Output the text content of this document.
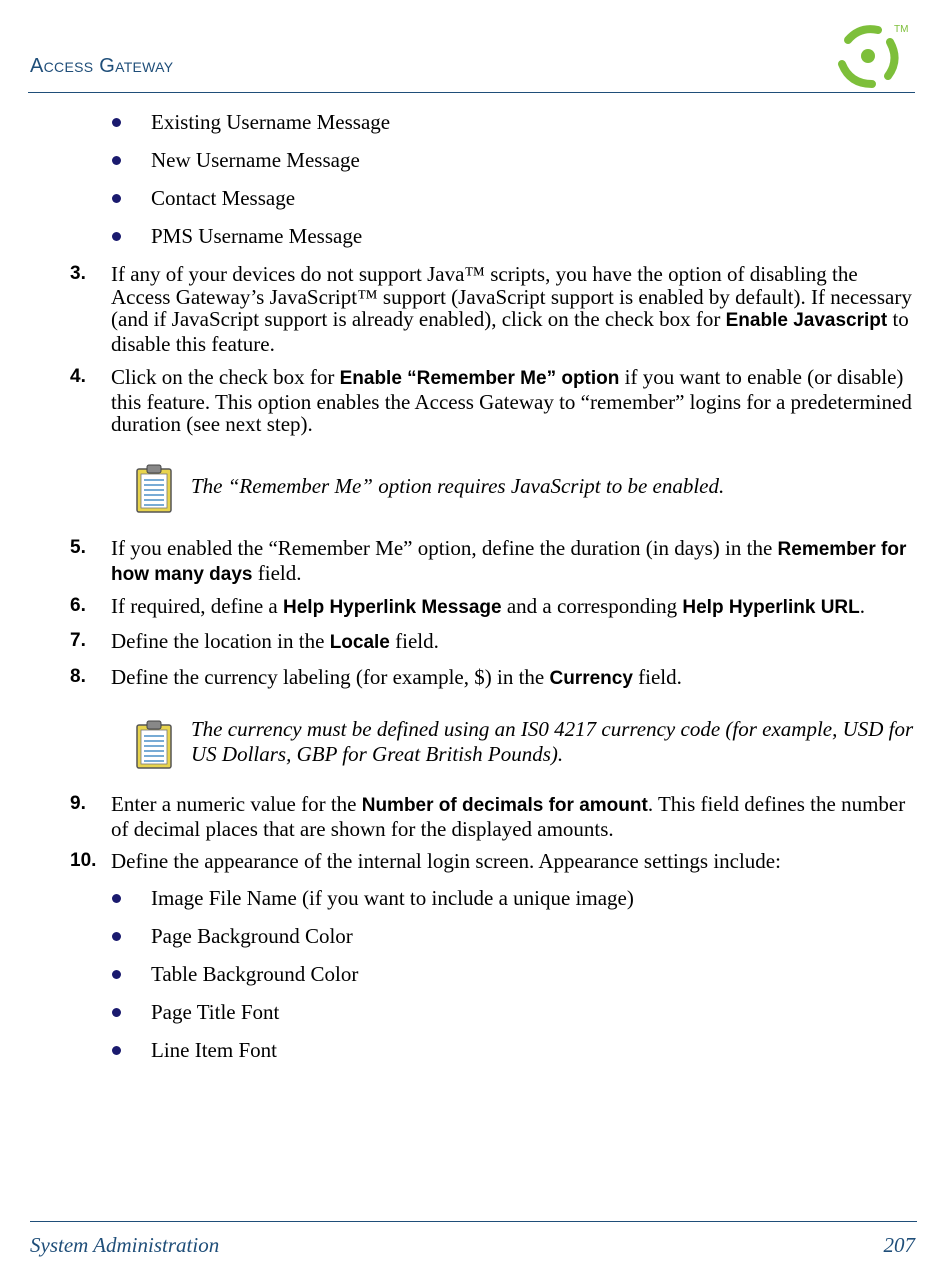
Access Gateway
TM
Existing Username Message
New Username Message
Contact Message
PMS Username Message
3. If any of your devices do not support Java™ scripts, you have the option of disabling the Access Gateway’s JavaScript™ support (JavaScript support is enabled by default). If necessary (and if JavaScript support is already enabled), click on the check box for Enable Javascript to disable this feature.
4. Click on the check box for Enable “Remember Me” option if you want to enable (or disable) this feature. This option enables the Access Gateway to “remember” logins for a predetermined duration (see next step).
The “Remember Me” option requires JavaScript to be enabled.
5. If you enabled the “Remember Me” option, define the duration (in days) in the Remember for how many days field.
6. If required, define a Help Hyperlink Message and a corresponding Help Hyperlink URL.
7. Define the location in the Locale field.
8. Define the currency labeling (for example, $) in the Currency field.
The currency must be defined using an IS0 4217 currency code (for example, USD for US Dollars, GBP for Great British Pounds).
9. Enter a numeric value for the Number of decimals for amount. This field defines the number of decimal places that are shown for the displayed amounts.
10. Define the appearance of the internal login screen. Appearance settings include:
Image File Name (if you want to include a unique image)
Page Background Color
Table Background Color
Page Title Font
Line Item Font
System Administration	207
